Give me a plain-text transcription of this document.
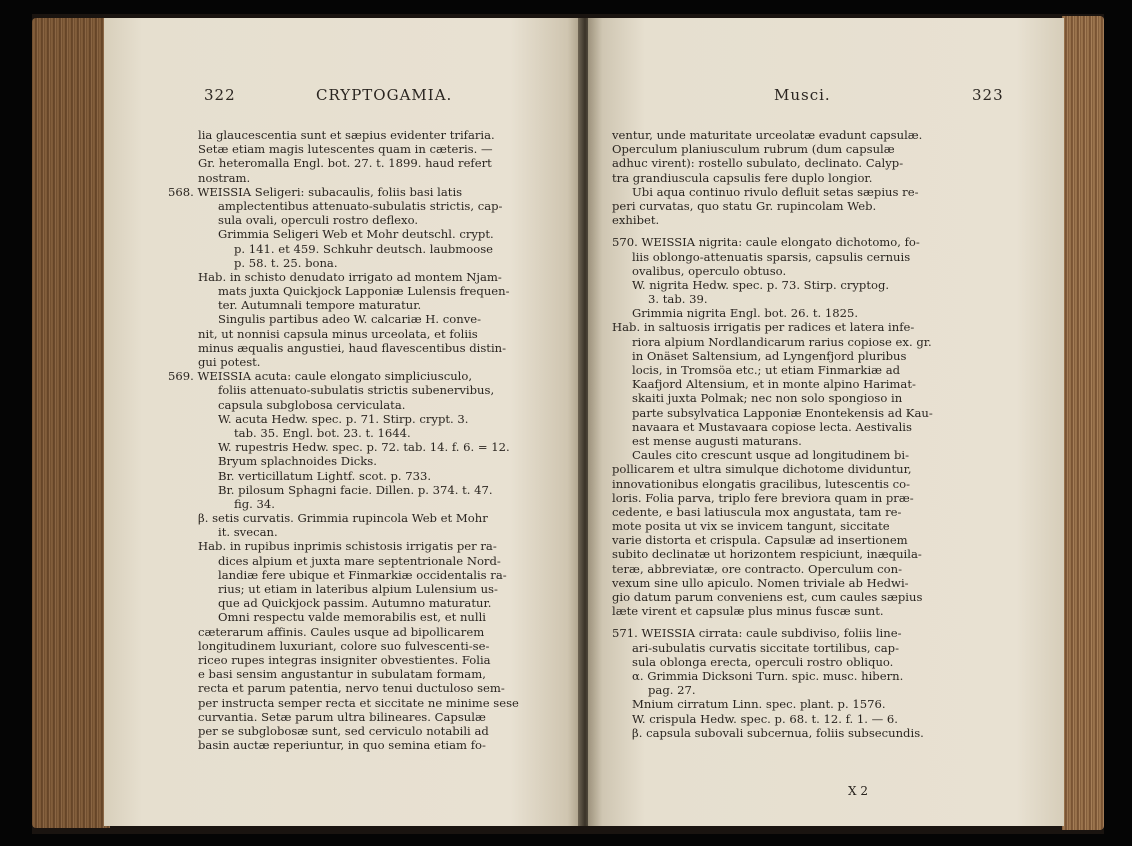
322	CRYPTOGAMIA.
lia glaucescentia sunt et sæpius evidenter trifaria.
Setæ etiam magis lutescentes quam in cæteris. —
Gr. heteromalla Engl. bot. 27. t. 1899. haud refert
nostram.
568. WEISSIA Seligeri: subacaulis, foliis basi latis
amplectentibus attenuato-subulatis strictis, cap-
sula ovali, operculi rostro deflexo.
Grimmia Seligeri Web et Mohr deutschl. crypt.
p. 141. et 459. Schkuhr deutsch. laubmoose
p. 58. t. 25. bona.
Hab. in schisto denudato irrigato ad montem Njam-
mats juxta Quickjock Lapponiæ Lulensis frequen-
ter. Autumnali tempore maturatur.
Singulis partibus adeo W. calcariæ H. conve-
nit, ut nonnisi capsula minus urceolata, et foliis
minus æqualis angustiei, haud flavescentibus distin-
gui potest.
569. WEISSIA acuta: caule elongato simpliciusculo,
foliis attenuato-subulatis strictis subenervibus,
capsula subglobosa cerviculata.
W. acuta Hedw. spec. p. 71. Stirp. crypt. 3.
tab. 35. Engl. bot. 23. t. 1644.
W. rupestris Hedw. spec. p. 72. tab. 14. f. 6. = 12.
Bryum splachnoides Dicks.
Br. verticillatum Lightf. scot. p. 733.
Br. pilosum Sphagni facie. Dillen. p. 374. t. 47.
fig. 34.
β. setis curvatis. Grimmia rupincola Web et Mohr
it. svecan.
Hab. in rupibus inprimis schistosis irrigatis per ra-
dices alpium et juxta mare septentrionale Nord-
landiæ fere ubique et Finmarkiæ occidentalis ra-
rius; ut etiam in lateribus alpium Lulensium us-
que ad Quickjock passim. Autumno maturatur.
Omni respectu valde memorabilis est, et nulli
cæterarum affinis. Caules usque ad bipollicarem
longitudinem luxuriant, colore suo fulvescenti-se-
riceo rupes integras insigniter obvestientes. Folia
e basi sensim angustantur in subulatam formam,
recta et parum patentia, nervo tenui ductuloso sem-
per instructa semper recta et siccitate ne minime sese
curvantia. Setæ parum ultra bilineares. Capsulæ
per se subglobosæ sunt, sed cerviculo notabili ad
basin auctæ reperiuntur, in quo semina etiam fo-
Musci.	323
ventur, unde maturitate urceolatæ evadunt capsulæ.
Operculum planiusculum rubrum (dum capsulæ
adhuc virent): rostello subulato, declinato. Calyp-
tra grandiuscula capsulis fere duplo longior.
Ubi aqua continuo rivulo defluit setas sæpius re-
peri curvatas, quo statu Gr. rupincolam Web.
exhibet.
570. WEISSIA nigrita: caule elongato dichotomo, fo-
liis oblongo-attenuatis sparsis, capsulis cernuis
ovalibus, operculo obtuso.
W. nigrita Hedw. spec. p. 73. Stirp. cryptog.
3. tab. 39.
Grimmia nigrita Engl. bot. 26. t. 1825.
Hab. in saltuosis irrigatis per radices et latera infe-
riora alpium Nordlandicarum rarius copiose ex. gr.
in Onäset Saltensium, ad Lyngenfjord pluribus
locis, in Tromsöa etc.; ut etiam Finmarkiæ ad
Kaafjord Altensium, et in monte alpino Harimat-
skaiti juxta Polmak; nec non solo spongioso in
parte subsylvatica Lapponiæ Enontekensis ad Kau-
navaara et Mustavaara copiose lecta. Aestivalis
est mense augusti maturans.
Caules cito crescunt usque ad longitudinem bi-
pollicarem et ultra simulque dichotome dividuntur,
innovationibus elongatis gracilibus, lutescentis co-
loris. Folia parva, triplo fere breviora quam in præ-
cedente, e basi latiuscula mox angustata, tam re-
mote posita ut vix se invicem tangunt, siccitate
varie distorta et crispula. Capsulæ ad insertionem
subito declinatæ ut horizontem respiciunt, inæquila-
teræ, abbreviatæ, ore contracto. Operculum con-
vexum sine ullo apiculo. Nomen triviale ab Hedwi-
gio datum parum conveniens est, cum caules sæpius
læte virent et capsulæ plus minus fuscæ sunt.
571. WEISSIA cirrata: caule subdiviso, foliis line-
ari-subulatis curvatis siccitate tortilibus, cap-
sula oblonga erecta, operculi rostro obliquo.
α. Grimmia Dicksoni Turn. spic. musc. hibern.
pag. 27.
Mnium cirratum Linn. spec. plant. p. 1576.
W. crispula Hedw. spec. p. 68. t. 12. f. 1. — 6.
β. capsula subovali subcernua, foliis subsecundis.
X 2
